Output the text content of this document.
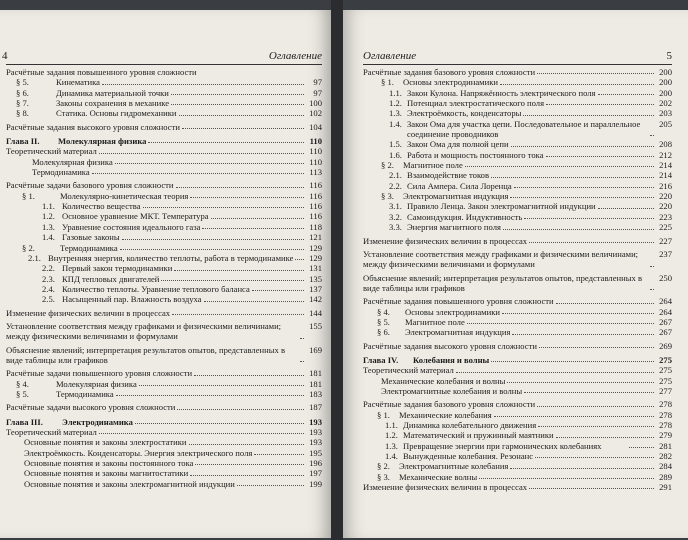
4	Оглавление
Расчётные задания повышенного уровня сложности
§ 5.	Кинематика	97
§ 6.	Динамика материальной точки	97
§ 7.	Законы сохранения в механике	100
§ 8.	Статика. Основы гидромеханики	102
Расчётные задания высокого уровня сложности	104
Глава II.	Молекулярная физика	110
Теоретический материал	110
Молекулярная физика	110
Термодинамика	113
Расчётные задачи базового уровня сложности	116
§ 1.	Молекулярно-кинетическая теория	116
1.1. Количество вещества	116
1.2. Основное уравнение МКТ. Температура	116
1.3. Уравнение состояния идеального газа	118
1.4. Газовые законы	121
§ 2.	Термодинамика	129
2.1. Внутренняя энергия, количество теплоты, работа в термодинамике	129
2.2. Первый закон термодинамики	131
2.3. КПД тепловых двигателей	135
2.4. Количество теплоты. Уравнение теплового баланса	137
2.5. Насыщенный пар. Влажность воздуха	142
Изменение физических величин в процессах	144
Установление соответствия между графиками и физическими величинами; между физическими величинами и формулами
155
Объяснение явлений; интерпретация результатов опытов, представленных в виде таблицы или графиков
169
Расчётные задачи повышенного уровня сложности	181
§ 4.	Молекулярная физика	181
§ 5.	Термодинамика	183
Расчётные задачи высокого уровня сложности	187
Глава III.	Электродинамика	193
Теоретический материал	193
Основные понятия и законы электростатики	193
Электроёмкость. Конденсаторы. Энергия электрического поля	195
Основные понятия и законы постоянного тока	196
Основные понятия и законы магнитостатики	197
Основные понятия и законы электромагнитной индукции	199
Оглавление	5
Расчётные задания базового уровня сложности	200
§ 1.	Основы электродинамики	200
1.1. Закон Кулона. Напряжённость электрического поля	200
1.2. Потенциал электростатического поля	202
1.3. Электроёмкость, конденсаторы	203
1.4. Закон Ома для участка цепи. Последовательное и параллельное соединение проводников
205
1.5. Закон Ома для полной цепи	208
1.6. Работа и мощность постоянного тока	212
§ 2.	Магнитное поле	214
2.1. Взаимодействие токов	214
2.2. Сила Ампера. Сила Лоренца	216
§ 3.	Электромагнитная индукция	220
3.1. Правило Ленца. Закон электромагнитной индукции	220
3.2. Самоиндукция. Индуктивность	223
3.3. Энергия магнитного поля	225
Изменение физических величин в процессах	227
Установление соответствия между графиками и физическими величинами; между физическими величинами и формулами
237
Объяснение явлений; интерпретация результатов опытов, представленных в виде таблицы или графиков
250
Расчётные задания повышенного уровня сложности	264
§ 4.	Основы электродинамики	264
§ 5.	Магнитное поле	267
§ 6.	Электромагнитная индукция	267
Расчётные задания высокого уровня сложности	269
Глава IV.	Колебания и волны	275
Теоретический материал	275
Механические колебания и волны	275
Электромагнитные колебания и волны	277
Расчётные задания базового уровня сложности	278
§ 1.	Механические колебания	278
1.1. Динамика колебательного движения	278
1.2. Математический и пружинный маятники	279
1.3. Превращение энергии при гармонических колебаниях	281
1.4. Вынужденные колебания. Резонанс	282
§ 2.	Электромагнитные колебания	284
§ 3.	Механические волны	289
Изменение физических величин в процессах	291
